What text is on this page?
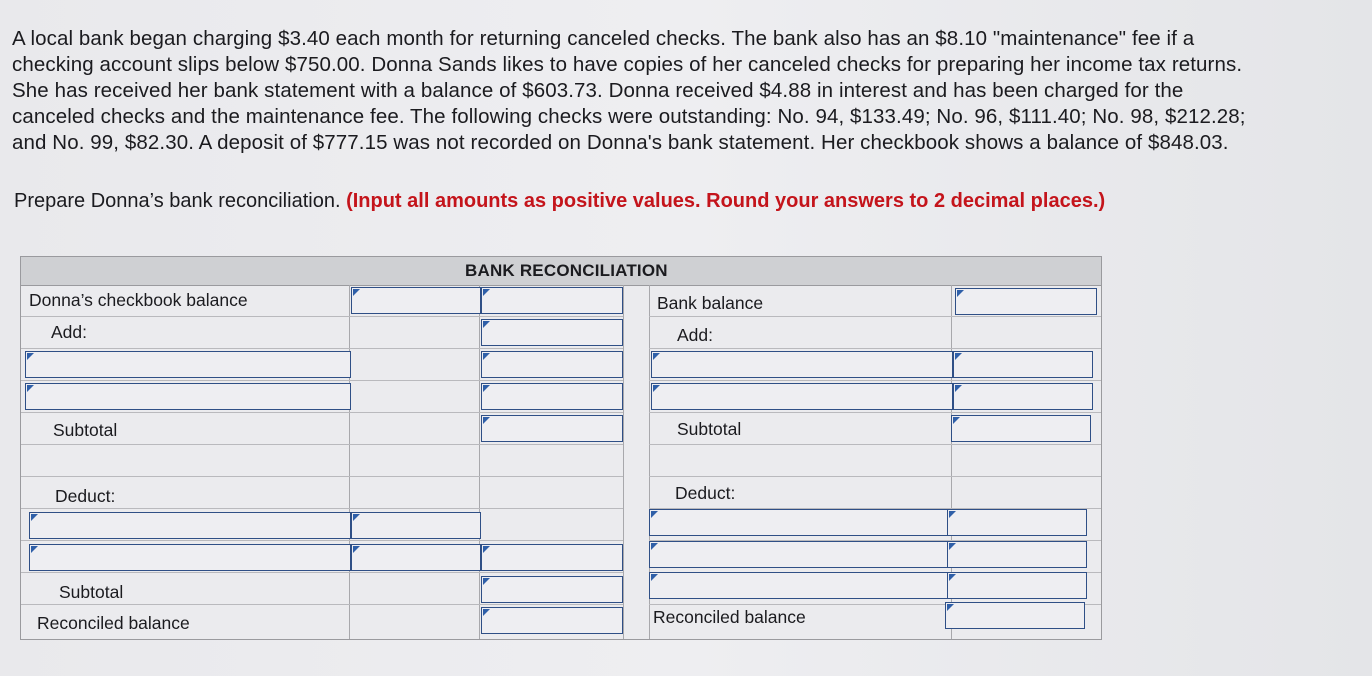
A local bank began charging $3.40 each month for returning canceled checks. The bank also has an $8.10 "maintenance" fee if a

checking account slips below $750.00. Donna Sands likes to have copies of her canceled checks for preparing her income tax returns.

She has received her bank statement with a balance of $603.73. Donna received $4.88 in interest and has been charged for the

canceled checks and the maintenance fee. The following checks were outstanding: No. 94, $133.49; No. 96, $111.40; No. 98, $212.28;

and No. 99, $82.30. A deposit of $777.15 was not recorded on Donna's bank statement. Her checkbook shows a balance of $848.03.

Prepare Donna’s bank reconciliation. (Input all amounts as positive values. Round your answers to 2 decimal places.)
BANK RECONCILIATION
Donna’s checkbook balance
Add:
Subtotal
Deduct:
Subtotal
Reconciled balance
Bank balance
Add:
Subtotal
Deduct:
Reconciled balance
